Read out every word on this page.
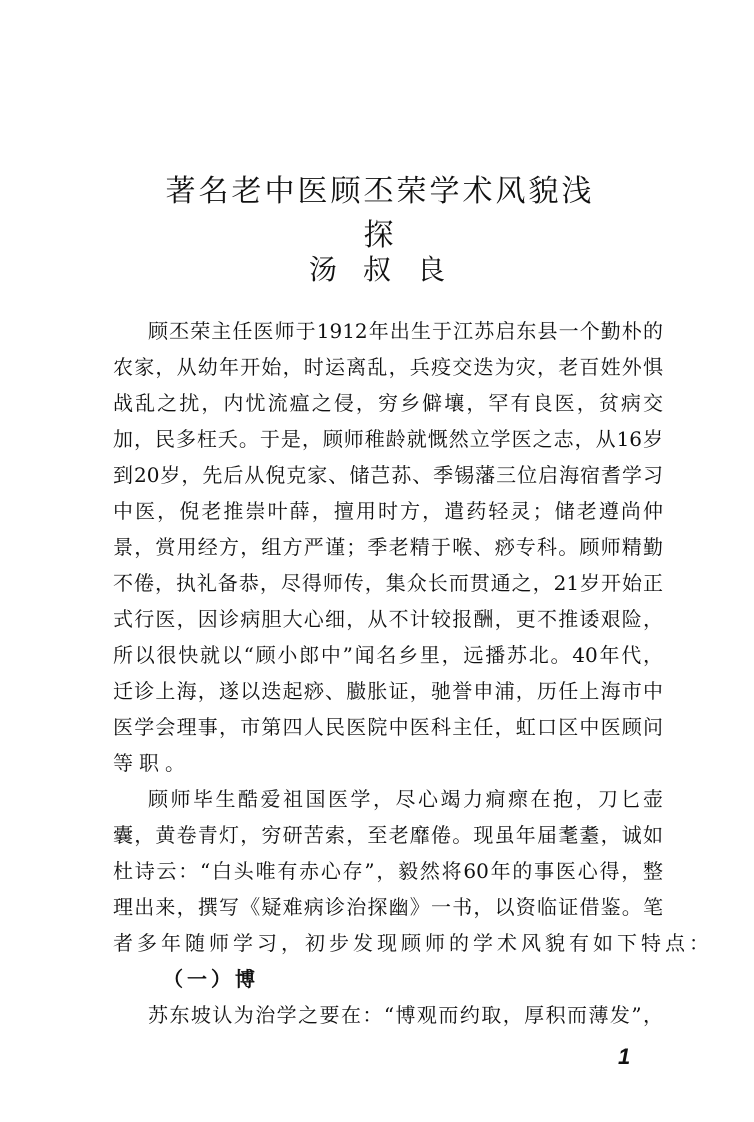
著名老中医顾丕荣学术风貌浅探
汤叔良
顾丕荣主任医师于1912年出生于江苏启东县一个勤朴的
农家，从幼年开始，时运离乱，兵疫交迭为灾，老百姓外惧
战乱之扰，内忧流瘟之侵，穷乡僻壤，罕有良医，贫病交
加，民多枉夭。于是，顾师稚龄就慨然立学医之志，从16岁
到20岁，先后从倪克家、储芑荪、季锡藩三位启海宿耆学习
中医，倪老推崇叶薛，擅用时方，遣药轻灵；储老遵尚仲
景，赏用经方，组方严谨；季老精于喉、痧专科。顾师精勤
不倦，执礼备恭，尽得师传，集众长而贯通之，21岁开始正
式行医，因诊病胆大心细，从不计较报酬，更不推诿艰险，
所以很快就以“顾小郎中”闻名乡里，远播苏北。40年代，
迁诊上海，遂以迭起痧、臌胀证，驰誉申浦，历任上海市中
医学会理事，市第四人民医院中医科主任，虹口区中医顾问
等职。
顾师毕生酷爱祖国医学，尽心竭力痌瘝在抱，刀匕壶
囊，黄卷青灯，穷研苦索，至老靡倦。现虽年届耄耋，诚如
杜诗云：“白头唯有赤心存”，毅然将60年的事医心得，整
理出来，撰写《疑难病诊治探幽》一书，以资临证借鉴。笔
者多年随师学习，初步发现顾师的学术风貌有如下特点：
（一）博
苏东坡认为治学之要在：“博观而约取，厚积而薄发”，
1
